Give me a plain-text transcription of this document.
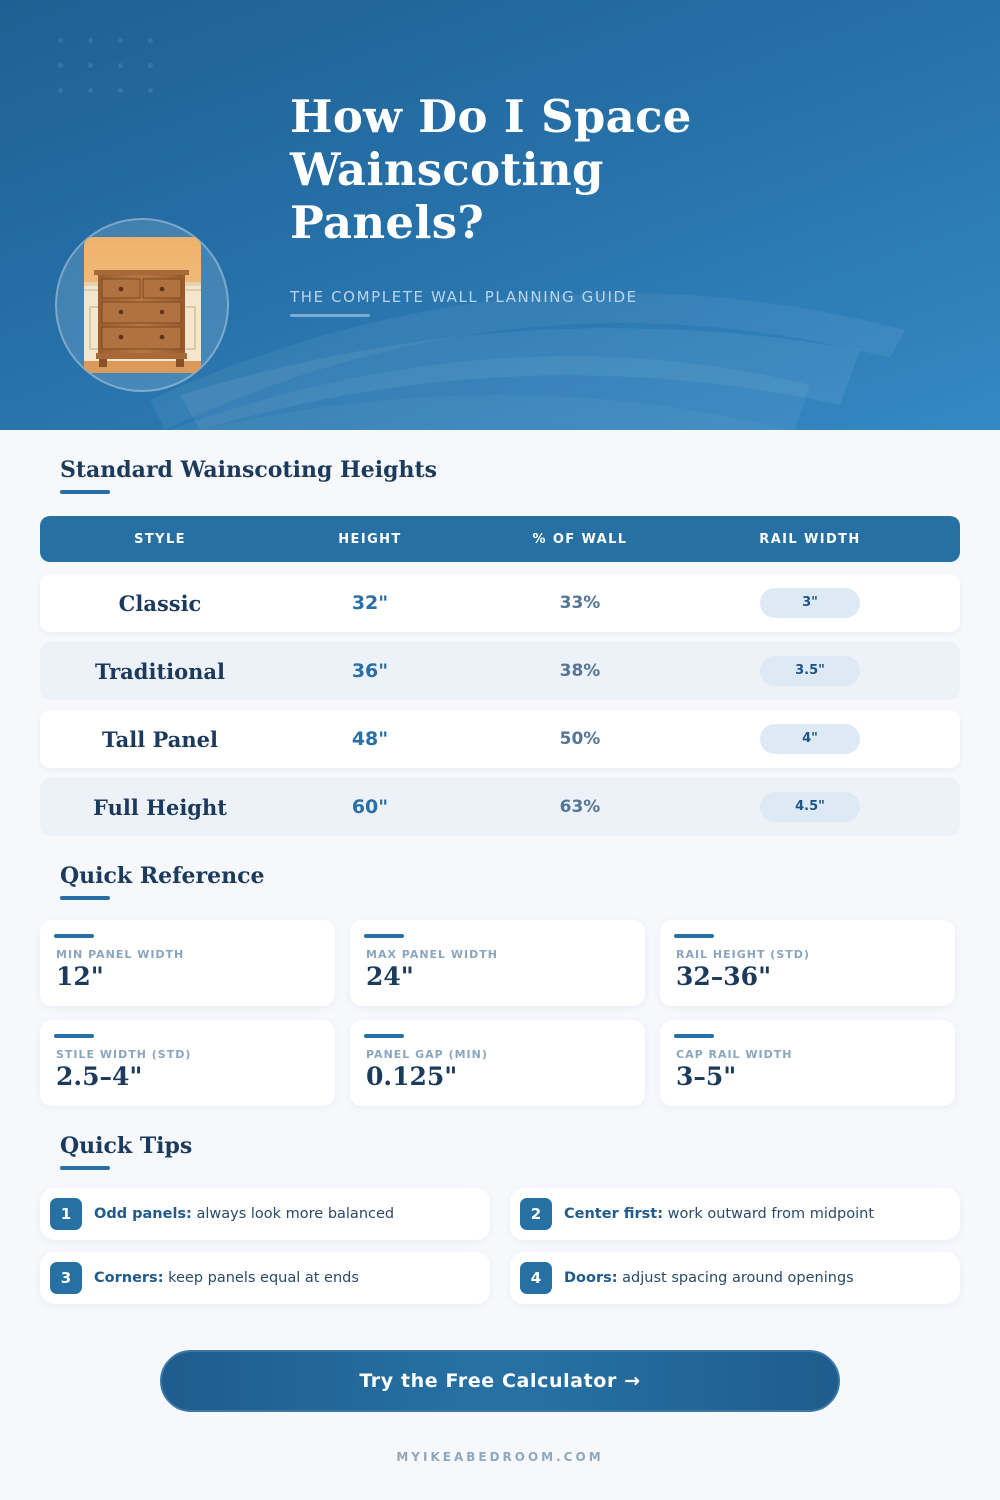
How Do I Space Wainscoting Panels?
THE COMPLETE WALL PLANNING GUIDE
Standard Wainscoting Heights
STYLE	HEIGHT	% OF WALL	RAIL WIDTH
Classic	32"	33%	3"
Traditional	36"	38%	3.5"
Tall Panel	48"	50%	4"
Full Height	60"	63%	4.5"
Quick Reference
MIN PANEL WIDTH
12"
MAX PANEL WIDTH
24"
RAIL HEIGHT (STD)
32–36"
STILE WIDTH (STD)
2.5–4"
PANEL GAP (MIN)
0.125"
CAP RAIL WIDTH
3–5"
Quick Tips
1	Odd panels: always look more balanced	2	Center first: work outward from midpoint
3	Corners: keep panels equal at ends	4	Doors: adjust spacing around openings
Try the Free Calculator →
MYIKEABEDROOM.COM
